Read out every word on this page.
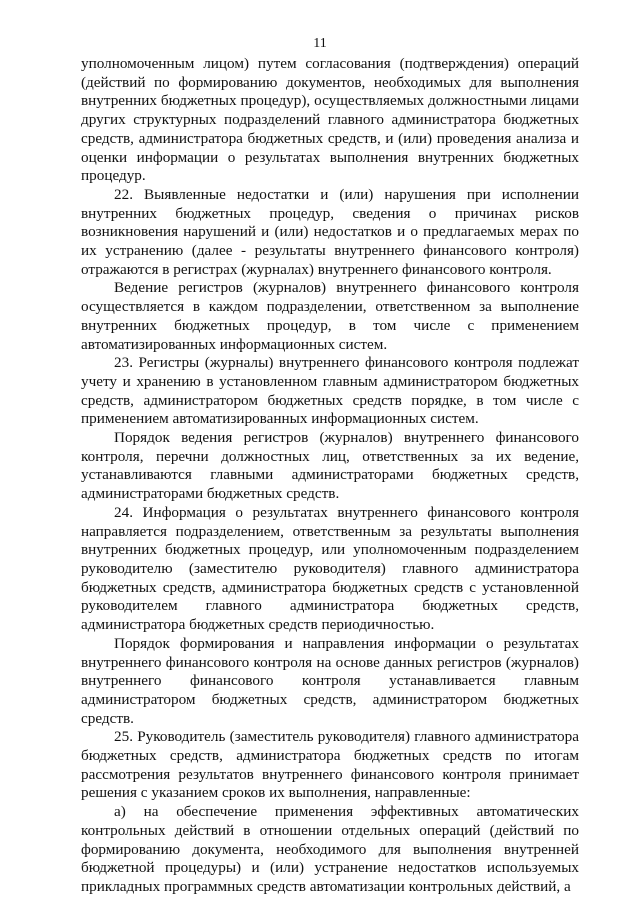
11

уполномоченным лицом) путем согласования (подтверждения) операций (действий по формированию документов, необходимых для выполнения внутренних бюджетных процедур), осуществляемых должностными лицами других структурных подразделений главного администратора бюджетных средств, администратора бюджетных средств, и (или) проведения анализа и оценки информации о результатах выполнения внутренних бюджетных процедур.

22. Выявленные недостатки и (или) нарушения при исполнении внутренних бюджетных процедур, сведения о причинах рисков возникновения нарушений и (или) недостатков и о предлагаемых мерах по их устранению (далее - результаты внутреннего финансового контроля) отражаются в регистрах (журналах) внутреннего финансового контроля.

Ведение регистров (журналов) внутреннего финансового контроля осуществляется в каждом подразделении, ответственном за выполнение внутренних бюджетных процедур, в том числе с применением автоматизированных информационных систем.

23. Регистры (журналы) внутреннего финансового контроля подлежат учету и хранению в установленном главным администратором бюджетных средств, администратором бюджетных средств порядке, в том числе с применением автоматизированных информационных систем.

Порядок ведения регистров (журналов) внутреннего финансового контроля, перечни должностных лиц, ответственных за их ведение, устанавливаются главными администраторами бюджетных средств, администраторами бюджетных средств.

24. Информация о результатах внутреннего финансового контроля направляется подразделением, ответственным за результаты выполнения внутренних бюджетных процедур, или уполномоченным подразделением руководителю (заместителю руководителя) главного администратора бюджетных средств, администратора бюджетных средств с установленной руководителем главного администратора бюджетных средств, администратора бюджетных средств периодичностью.

Порядок формирования и направления информации о результатах внутреннего финансового контроля на основе данных регистров (журналов) внутреннего финансового контроля устанавливается главным администратором бюджетных средств, администратором бюджетных средств.

25. Руководитель (заместитель руководителя) главного администратора бюджетных средств, администратора бюджетных средств по итогам рассмотрения результатов внутреннего финансового контроля принимает решения с указанием сроков их выполнения, направленные:

а) на обеспечение применения эффективных автоматических контрольных действий в отношении отдельных операций (действий по формированию документа, необходимого для выполнения внутренней бюджетной процедуры) и (или) устранение недостатков используемых прикладных программных средств автоматизации контрольных действий, а
